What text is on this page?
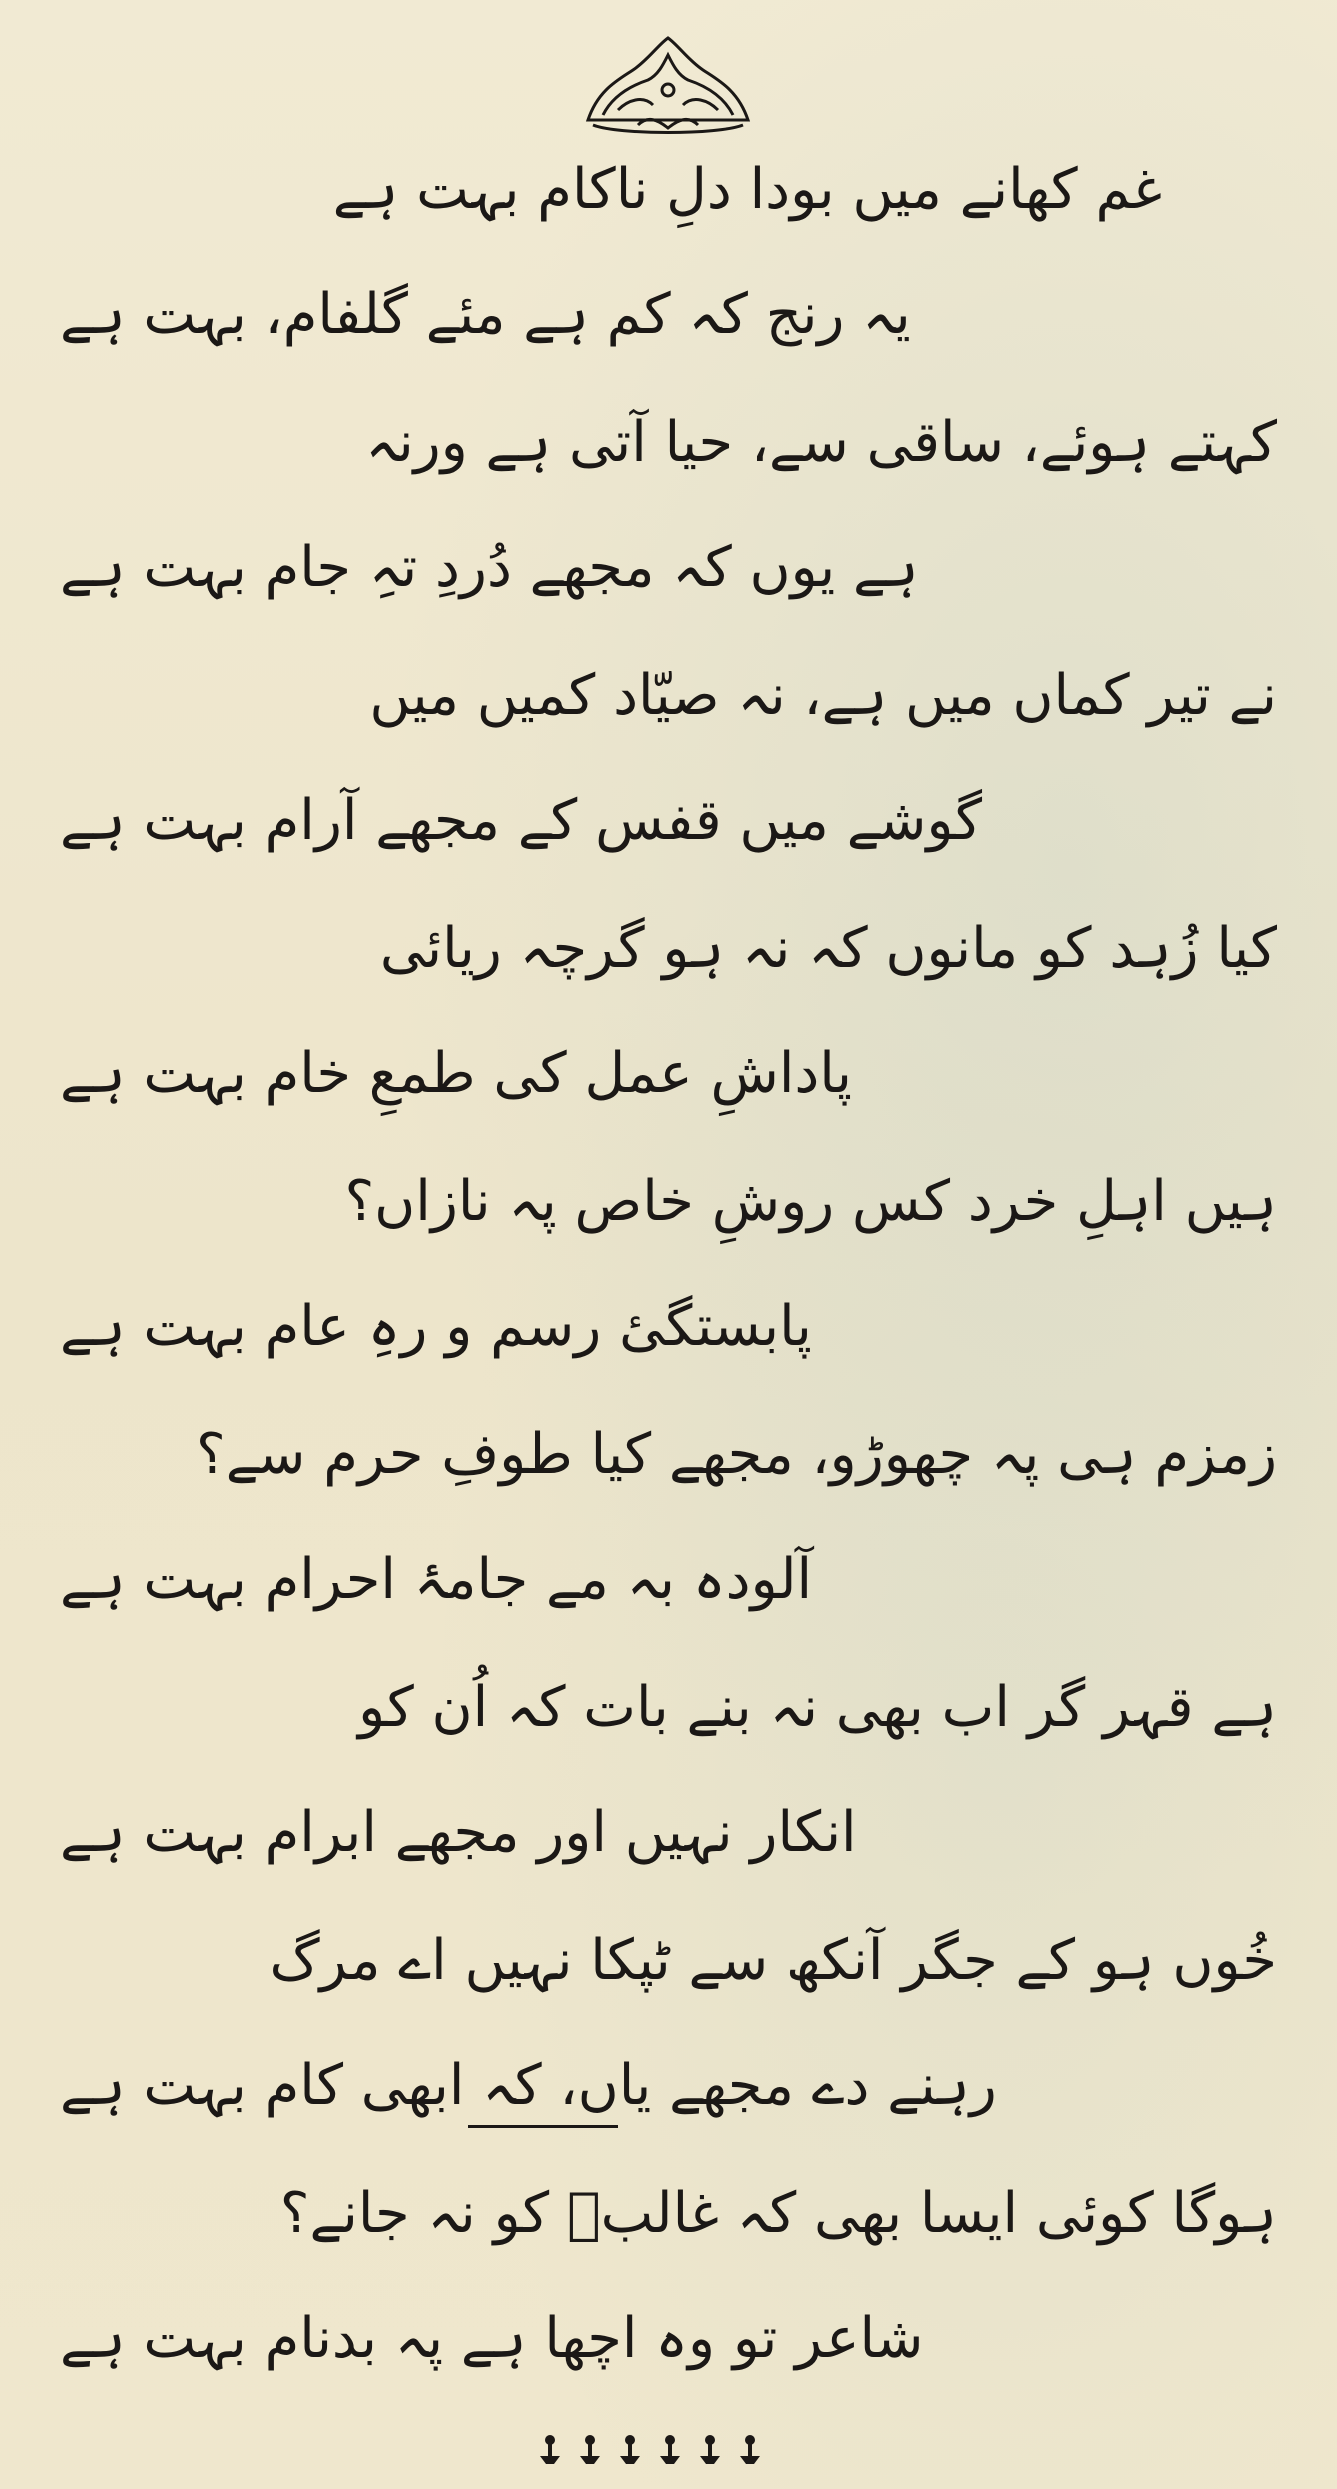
غم کھانے میں بودا دلِ ناکام بہت ہے
یہ رنج کہ کم ہے مئے گلفام، بہت ہے
کہتے ہوئے، ساقی سے، حیا آتی ہے ورنہ
ہے یوں کہ مجھے دُردِ تہِ جام بہت ہے
نے تیر کماں میں ہے، نہ صیّاد کمیں میں
گوشے میں قفس کے مجھے آرام بہت ہے
کیا زُہد کو مانوں کہ نہ ہو گرچہ ریائی
پاداشِ عمل کی طمعِ خام بہت ہے
ہیں اہلِ خرد کس روشِ خاص پہ نازاں؟
پابستگیٔ رسم و رہِ عام بہت ہے
زمزم ہی پہ چھوڑو، مجھے کیا طوفِ حرم سے؟
آلودہ بہ مے جامۂ احرام بہت ہے
ہے قہر گر اب بھی نہ بنے بات کہ اُن کو
انکار نہیں اور مجھے ابرام بہت ہے
خُوں ہو کے جگر آنکھ سے ٹپکا نہیں اے مرگ
رہنے دے مجھے یاں، کہ ابھی کام بہت ہے
ہوگا کوئی ایسا بھی کہ غالبؔ کو نہ جانے؟
شاعر تو وہ اچھا ہے پہ بدنام بہت ہے
